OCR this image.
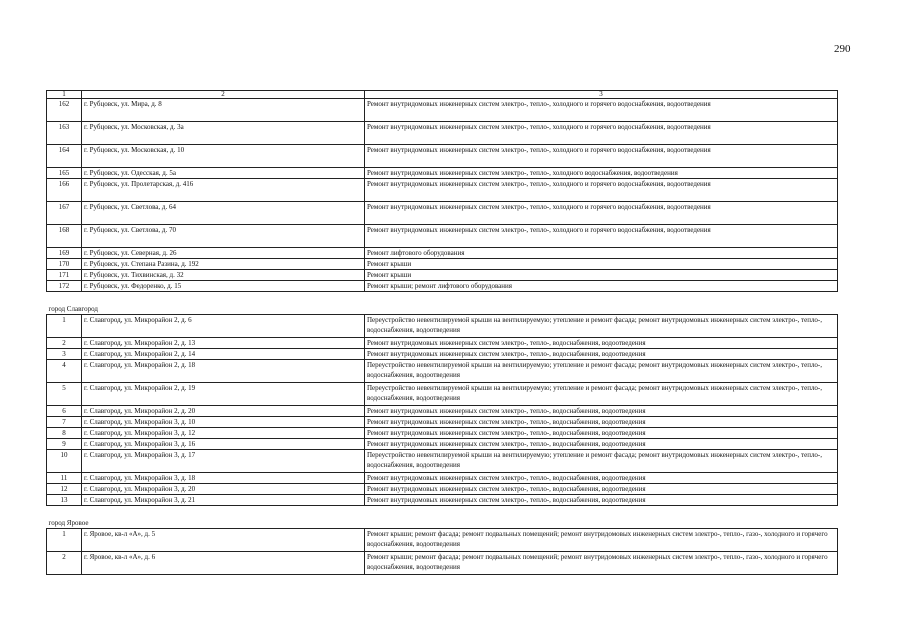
290
1	2	3
162	г. Рубцовск, ул. Мира, д. 8	Ремонт внутридомовых инженерных систем электро-, тепло-, холодного и горячего водоснабжения, водоотведения
163	г. Рубцовск, ул. Московская, д. 3а	Ремонт внутридомовых инженерных систем электро-, тепло-, холодного и горячего водоснабжения, водоотведения
164	г. Рубцовск, ул. Московская, д. 10	Ремонт внутридомовых инженерных систем электро-, тепло-, холодного и горячего водоснабжения, водоотведения
165	г. Рубцовск, ул. Одесская, д. 5а	Ремонт внутридомовых инженерных систем электро-, тепло-, холодного водоснабжения, водоотведения
166	г. Рубцовск, ул. Пролетарская, д. 416	Ремонт внутридомовых инженерных систем электро-, тепло-, холодного и горячего водоснабжения, водоотведения
167	г. Рубцовск, ул. Светлова, д. 64	Ремонт внутридомовых инженерных систем электро-, тепло-, холодного и горячего водоснабжения, водоотведения
168	г. Рубцовск, ул. Светлова, д. 70	Ремонт внутридомовых инженерных систем электро-, тепло-, холодного и горячего водоснабжения, водоотведения
169	г. Рубцовск, ул. Северная, д. 26	Ремонт лифтового оборудования
170	г. Рубцовск, ул. Степана Разина, д. 192	Ремонт крыши
171	г. Рубцовск, ул. Тихвинская, д. 32	Ремонт крыши
172	г. Рубцовск, ул. Федоренко, д. 15	Ремонт крыши; ремонт лифтового оборудования

город Славгород		
1	г. Славгород, ул. Микрорайон 2, д. 6	Переустройство невентилируемой крыши на вентилируемую; утепление и ремонт фасада; ремонт внутридомовых инженерных систем электро-, тепло-, водоснабжения, водоотведения
2	г. Славгород, ул. Микрорайон 2, д. 13	Ремонт внутридомовых инженерных систем электро-, тепло-, водоснабжения, водоотведения
3	г. Славгород, ул. Микрорайон 2, д. 14	Ремонт внутридомовых инженерных систем электро-, тепло-, водоснабжения, водоотведения
4	г. Славгород, ул. Микрорайон 2, д. 18	Переустройство невентилируемой крыши на вентилируемую; утепление и ремонт фасада; ремонт внутридомовых инженерных систем электро-, тепло-, водоснабжения, водоотведения
5	г. Славгород, ул. Микрорайон 2, д. 19	Переустройство невентилируемой крыши на вентилируемую; утепление и ремонт фасада; ремонт внутридомовых инженерных систем электро-, тепло-, водоснабжения, водоотведения
6	г. Славгород, ул. Микрорайон 2, д. 20	Ремонт внутридомовых инженерных систем электро-, тепло-, водоснабжения, водоотведения
7	г. Славгород, ул. Микрорайон 3, д. 10	Ремонт внутридомовых инженерных систем электро-, тепло-, водоснабжения, водоотведения
8	г. Славгород, ул. Микрорайон 3, д. 12	Ремонт внутридомовых инженерных систем электро-, тепло-, водоснабжения, водоотведения
9	г. Славгород, ул. Микрорайон 3, д. 16	Ремонт внутридомовых инженерных систем электро-, тепло-, водоснабжения, водоотведения
10	г. Славгород, ул. Микрорайон 3, д. 17	Переустройство невентилируемой крыши на вентилируемую; утепление и ремонт фасада; ремонт внутридомовых инженерных систем электро-, тепло-, водоснабжения, водоотведения
11	г. Славгород, ул. Микрорайон 3, д. 18	Ремонт внутридомовых инженерных систем электро-, тепло-, водоснабжения, водоотведения
12	г. Славгород, ул. Микрорайон 3, д. 20	Ремонт внутридомовых инженерных систем электро-, тепло-, водоснабжения, водоотведения
13	г. Славгород, ул. Микрорайон 3, д. 21	Ремонт внутридомовых инженерных систем электро-, тепло-, водоснабжения, водоотведения

город Яровое		
1	г. Яровое, кв-л «А», д. 5	Ремонт крыши; ремонт фасада; ремонт подвальных помещений; ремонт внутридомовых инженерных систем электро-, тепло-, газо-, холодного и горячего водоснабжения, водоотведения
2	г. Яровое, кв-л «А», д. 6	Ремонт крыши; ремонт фасада; ремонт подвальных помещений; ремонт внутридомовых инженерных систем электро-, тепло-, газо-, холодного и горячего водоснабжения, водоотведения
